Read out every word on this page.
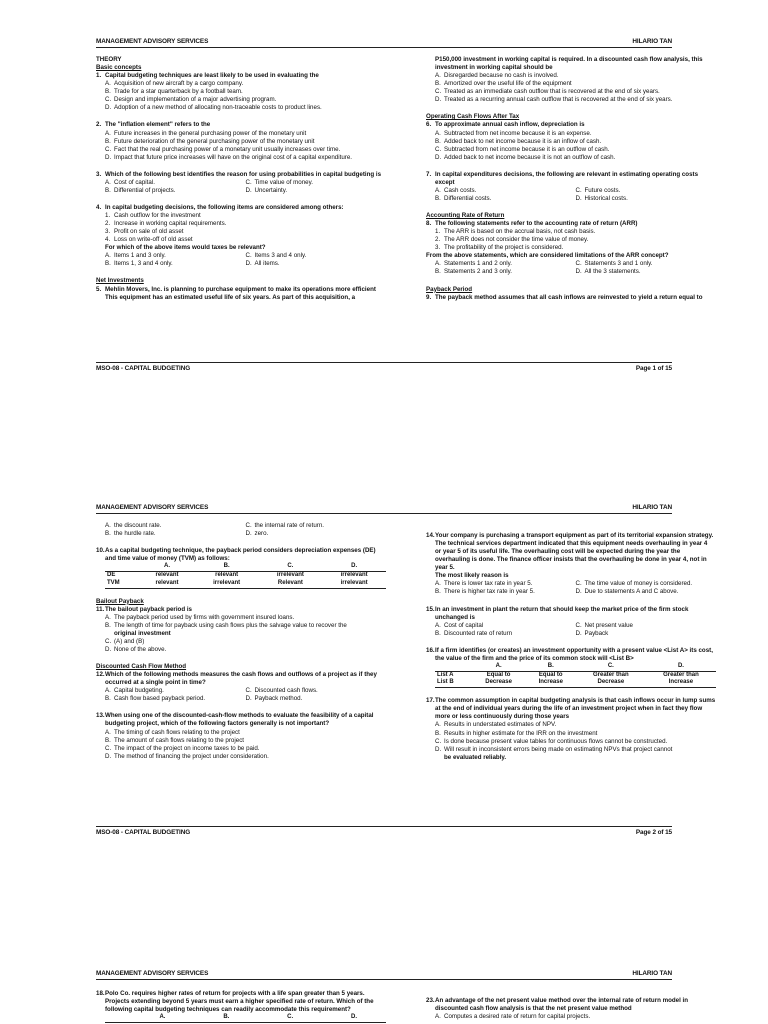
MANAGEMENT ADVISORY SERVICES	HILARIO TAN
THEORY
Basic concepts
1. Capital budgeting techniques are least likely to be used in evaluating the
A. Acquisition of new aircraft by a cargo company.
B. Trade for a star quarterback by a football team.
C. Design and implementation of a major advertising program.
D. Adoption of a new method of allocating non-traceable costs to product lines.
2. The "inflation element" refers to the
A. Future increases in the general purchasing power of the monetary unit
B. Future deterioration of the general purchasing power of the monetary unit
C. Fact that the real purchasing power of a monetary unit usually increases over time.
D. Impact that future price increases will have on the original cost of a capital expenditure.
3. Which of the following best identifies the reason for using probabilities in capital budgeting is
A. Cost of capital.	C. Time value of money.
B. Differential of projects.	D. Uncertainty.
4. In capital budgeting decisions, the following items are considered among others:
1. Cash outflow for the investment
2. Increase in working capital requirements.
3. Profit on sale of old asset
4. Loss on write-off of old asset
For which of the above items would taxes be relevant?
A. Items 1 and 3 only.	C. Items 3 and 4 only.
B. Items 1, 3 and 4 only.	D. All items.
Net Investments
5. Mehlin Movers, Inc. is planning to purchase equipment to make its operations more efficient
This equipment has an estimated useful life of six years. As part of this acquisition, a
P150,000 investment in working capital is required. In a discounted cash flow analysis, this
investment in working capital should be
A. Disregarded because no cash is involved.
B. Amortized over the useful life of the equipment
C. Treated as an immediate cash outflow that is recovered at the end of six years.
D. Treated as a recurring annual cash outflow that is recovered at the end of six years.
Operating Cash Flows After Tax
6. To approximate annual cash inflow, depreciation is
A. Subtracted from net income because it is an expense.
B. Added back to net income because it is an inflow of cash.
C. Subtracted from net income because it is an outflow of cash.
D. Added back to net income because it is not an outflow of cash.
7. In capital expenditures decisions, the following are relevant in estimating operating costs
except
A. Cash costs.	C. Future costs.
B. Differential costs.	D. Historical costs.
Accounting Rate of Return
8. The following statements refer to the accounting rate of return (ARR)
1. The ARR is based on the accrual basis, not cash basis.
2. The ARR does not consider the time value of money.
3. The profitability of the project is considered.
From the above statements, which are considered limitations of the ARR concept?
A. Statements 1 and 2 only.	C. Statements 3 and 1 only.
B. Statements 2 and 3 only.	D. All the 3 statements.
Payback Period
9. The payback method assumes that all cash inflows are reinvested to yield a return equal to
MSO-08 - CAPITAL BUDGETING	Page 1 of 15
MANAGEMENT ADVISORY SERVICES	HILARIO TAN
A. the discount rate.	C. the internal rate of return.
B. the hurdle rate.	D. zero.
10. As a capital budgeting technique, the payback period considers depreciation expenses (DE)
and time value of money (TVM) as follows:
	A.	B.	C.	D.
DE	relevant	relevant	irrelevant	irrelevant
TVM	relevant	irrelevant	Relevant	irrelevant
Bailout Payback
11. The bailout payback period is
A. The payback period used by firms with government insured loans.
B. The length of time for payback using cash flows plus the salvage value to recover the
original investment
C. (A) and (B)
D. None of the above.
Discounted Cash Flow Method
12. Which of the following methods measures the cash flows and outflows of a project as if they
occurred at a single point in time?
A. Capital budgeting.	C. Discounted cash flows.
B. Cash flow based payback period.	D. Payback method.
13. When using one of the discounted-cash-flow methods to evaluate the feasibility of a capital
budgeting project, which of the following factors generally is not important?
A. The timing of cash flows relating to the project
B. The amount of cash flows relating to the project
C. The impact of the project on income taxes to be paid.
D. The method of financing the project under consideration.
14. Your company is purchasing a transport equipment as part of its territorial expansion strategy.
The technical services department indicated that this equipment needs overhauling in year 4
or year 5 of its useful life. The overhauling cost will be expected during the year the
overhauling is done. The finance officer insists that the overhauling be done in year 4, not in
year 5.
The most likely reason is
A. There is lower tax rate in year 5.	C. The time value of money is considered.
B. There is higher tax rate in year 5.	D. Due to statements A and C above.
15. In an investment in plant the return that should keep the market price of the firm stock
unchanged is
A. Cost of capital	C. Net present value
B. Discounted rate of return	D. Payback
16. If a firm identifies (or creates) an investment opportunity with a present value <List A> its cost,
the value of the firm and the price of its common stock will <List B>
	A.	B.	C.	D.
List A	Equal to	Equal to	Greater than	Greater than
List B	Decrease	Increase	Decrease	Increase
17. The common assumption in capital budgeting analysis is that cash inflows occur in lump sums
at the end of individual years during the life of an investment project when in fact they flow
more or less continuously during those years
A. Results in understated estimates of NPV.
B. Results in higher estimate for the IRR on the investment
C. Is done because present value tables for continuous flows cannot be constructed.
D. Will result in inconsistent errors being made on estimating NPVs that project cannot
be evaluated reliably.
MSO-08 - CAPITAL BUDGETING	Page 2 of 15
MANAGEMENT ADVISORY SERVICES	HILARIO TAN
18. Polo Co. requires higher rates of return for projects with a life span greater than 5 years.
Projects extending beyond 5 years must earn a higher specified rate of return. Which of the
following capital budgeting techniques can readily accommodate this requirement?
	A.	B.	C.	D.
23. An advantage of the net present value method over the internal rate of return model in
discounted cash flow analysis is that the net present value method
A. Computes a desired rate of return for capital projects.
